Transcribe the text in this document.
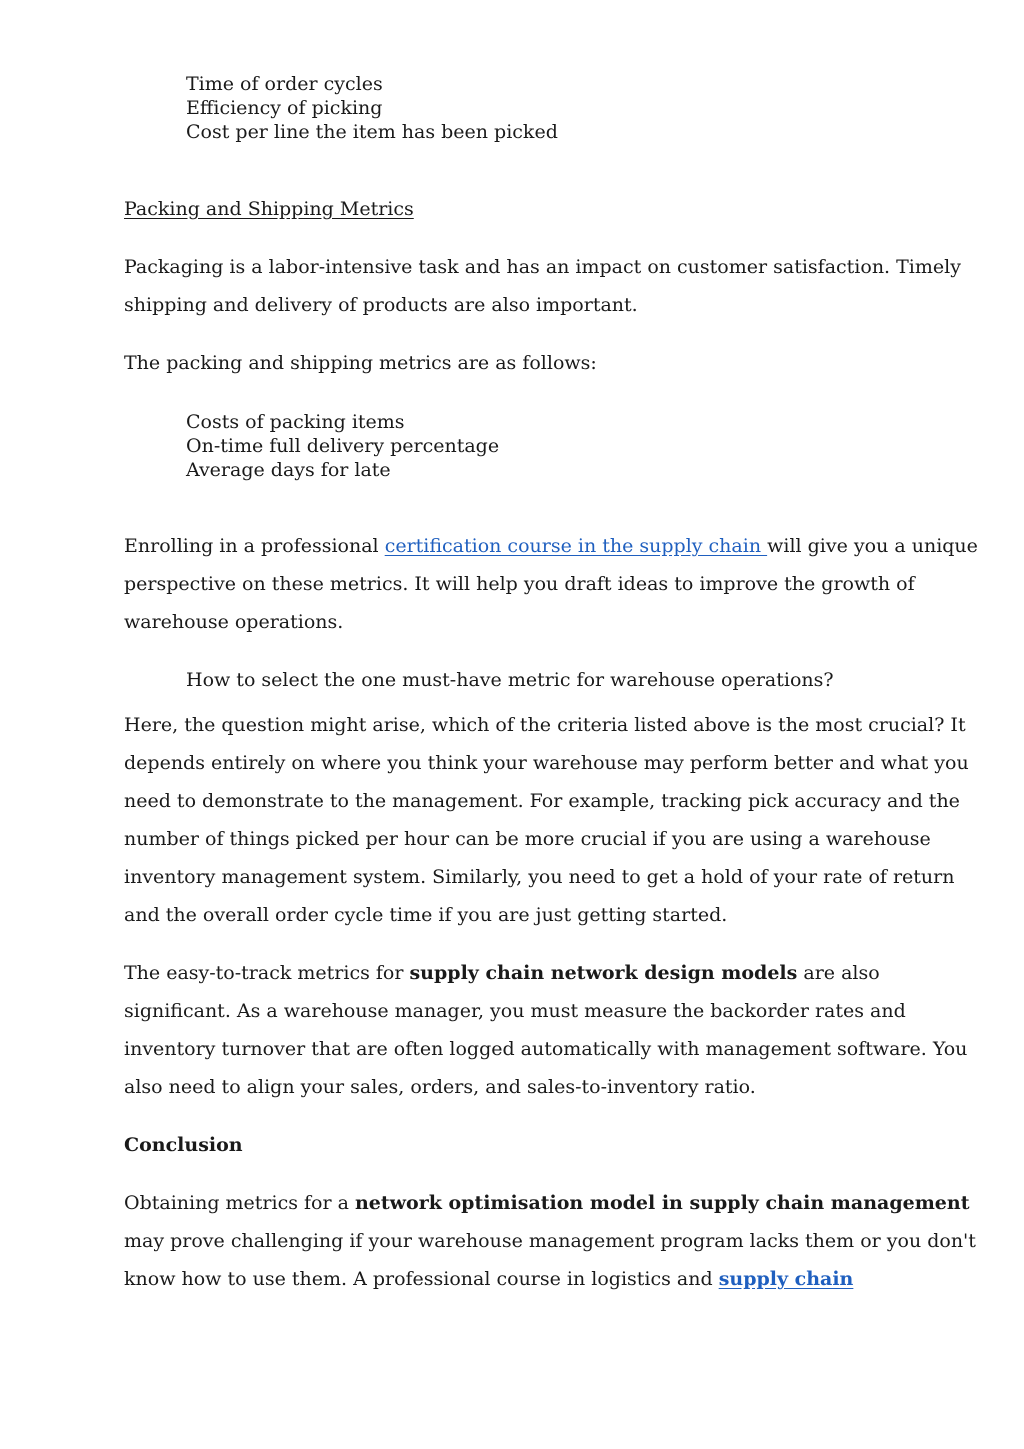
Time of order cycles
Efficiency of picking
Cost per line the item has been picked
Packing and Shipping Metrics
Packaging is a labor-intensive task and has an impact on customer satisfaction. Timely
shipping and delivery of products are also important.
The packing and shipping metrics are as follows:
Costs of packing items
On-time full delivery percentage
Average days for late
Enrolling in a professional certification course in the supply chain will give you a unique
perspective on these metrics. It will help you draft ideas to improve the growth of
warehouse operations.
How to select the one must-have metric for warehouse operations?
Here, the question might arise, which of the criteria listed above is the most crucial? It
depends entirely on where you think your warehouse may perform better and what you
need to demonstrate to the management. For example, tracking pick accuracy and the
number of things picked per hour can be more crucial if you are using a warehouse
inventory management system. Similarly, you need to get a hold of your rate of return
and the overall order cycle time if you are just getting started.
The easy-to-track metrics for supply chain network design models are also
significant. As a warehouse manager, you must measure the backorder rates and
inventory turnover that are often logged automatically with management software. You
also need to align your sales, orders, and sales-to-inventory ratio.
Conclusion
Obtaining metrics for a network optimisation model in supply chain management
may prove challenging if your warehouse management program lacks them or you don't
know how to use them. A professional course in logistics and supply chain
